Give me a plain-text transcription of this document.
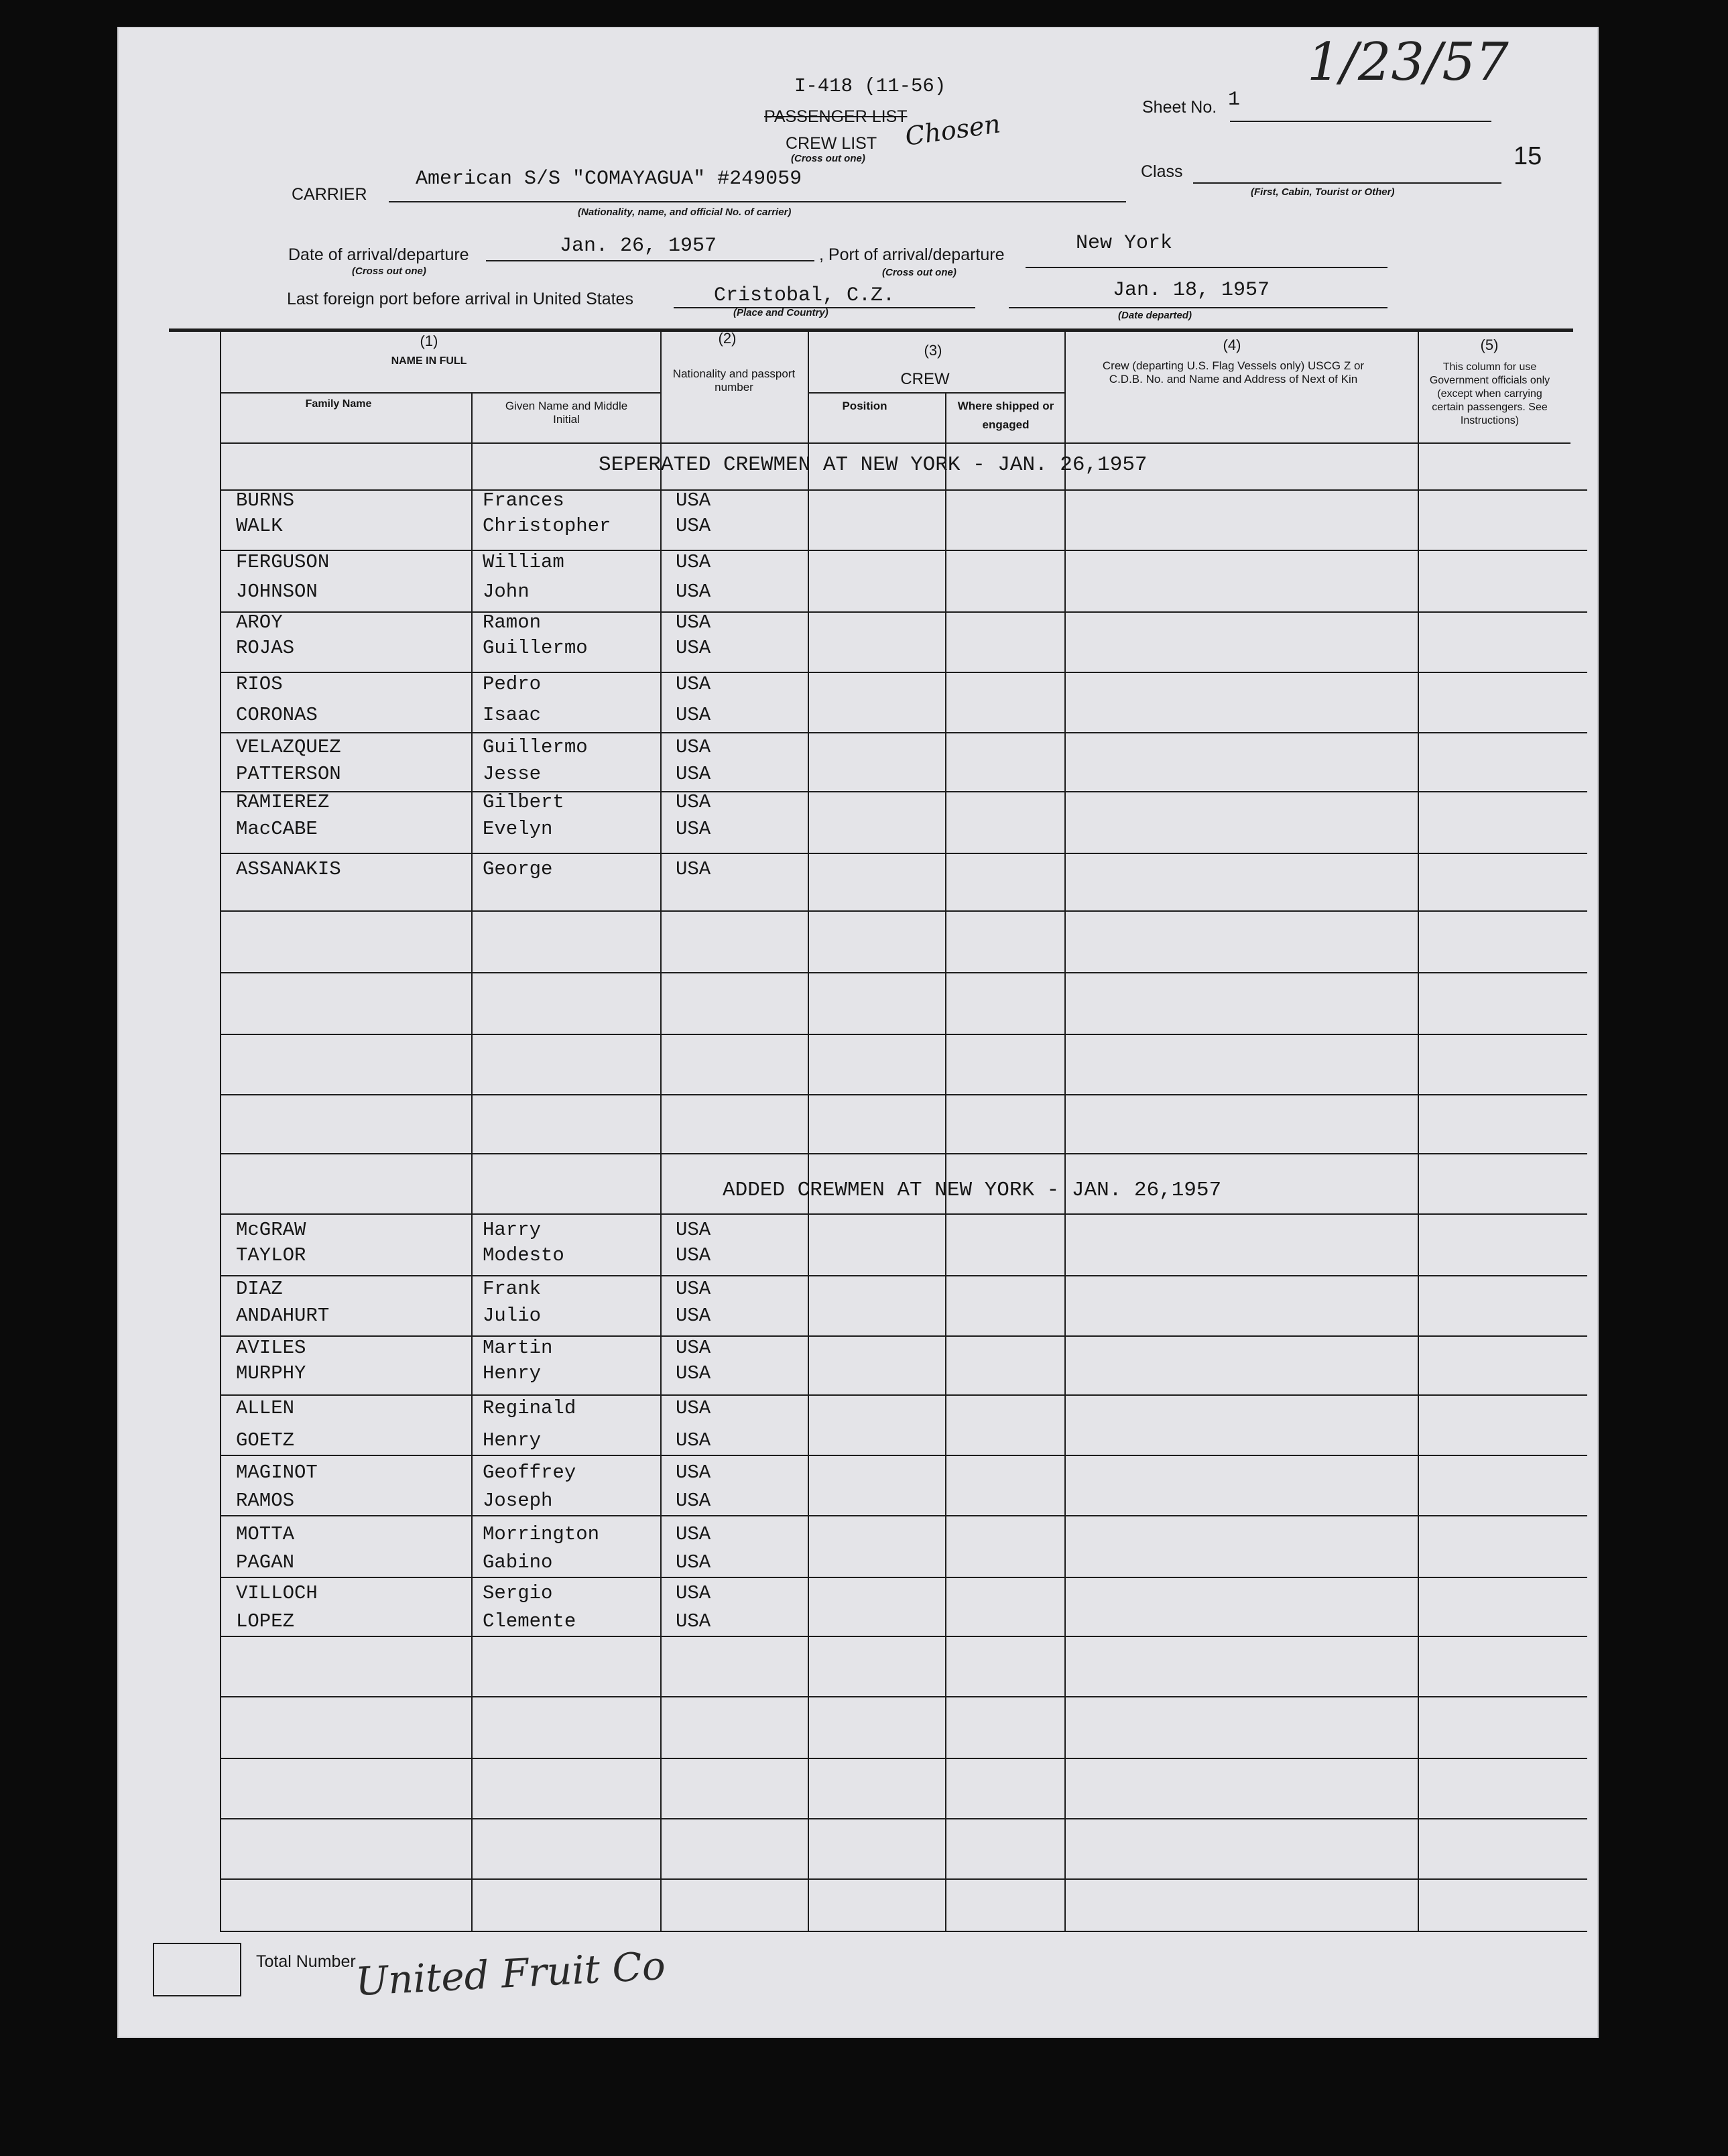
1/23/57
I-418 (11-56)
PASSENGER LIST
CREW LIST Chosen
(Cross out one)
Sheet No. 1
15
Class
(First, Cabin, Tourist or Other)
CARRIER
American S/S "COMAYAGUA" #249059
(Nationality, name, and official No. of carrier)
Date of arrival/departure	Jan. 26, 1957
(Cross out one)
, Port of arrival/departure	New York
(Cross out one)
Last foreign port before arrival in United States	Cristobal, C.Z.
(Place and Country)
Jan. 18, 1957
(Date departed)
(1)
NAME IN FULL
Family Name	Given Name and Middle Initial
(2)
Nationality and passport number
(3)
CREW
Position	Where shipped or engaged
(4)
Crew (departing U.S. Flag Vessels only) USCG Z or C.D.B. No. and Name and Address of Next of Kin
(5)
This column for use Government officials only (except when carrying certain passengers. See Instructions)
SEPERATED CREWMEN AT NEW YORK - JAN. 26,1957
ADDED CREWMEN AT NEW YORK - JAN. 26,1957
BURNS	Frances	USA
WALK	Christopher	USA
FERGUSON	William	USA
JOHNSON	John	USA
AROY	Ramon	USA
ROJAS	Guillermo	USA
RIOS	Pedro	USA
CORONAS	Isaac	USA
VELAZQUEZ	Guillermo	USA
PATTERSON	Jesse	USA
RAMIEREZ	Gilbert	USA
MacCABE	Evelyn	USA
ASSANAKIS	George	USA
McGRAW	Harry	USA
TAYLOR	Modesto	USA
DIAZ	Frank	USA
ANDAHURT	Julio	USA
AVILES	Martin	USA
MURPHY	Henry	USA
ALLEN	Reginald	USA
GOETZ	Henry	USA
MAGINOT	Geoffrey	USA
RAMOS	Joseph	USA
MOTTA	Morrington	USA
PAGAN	Gabino	USA
VILLOCH	Sergio	USA
LOPEZ	Clemente	USA
Total Number
United Fruit Co
